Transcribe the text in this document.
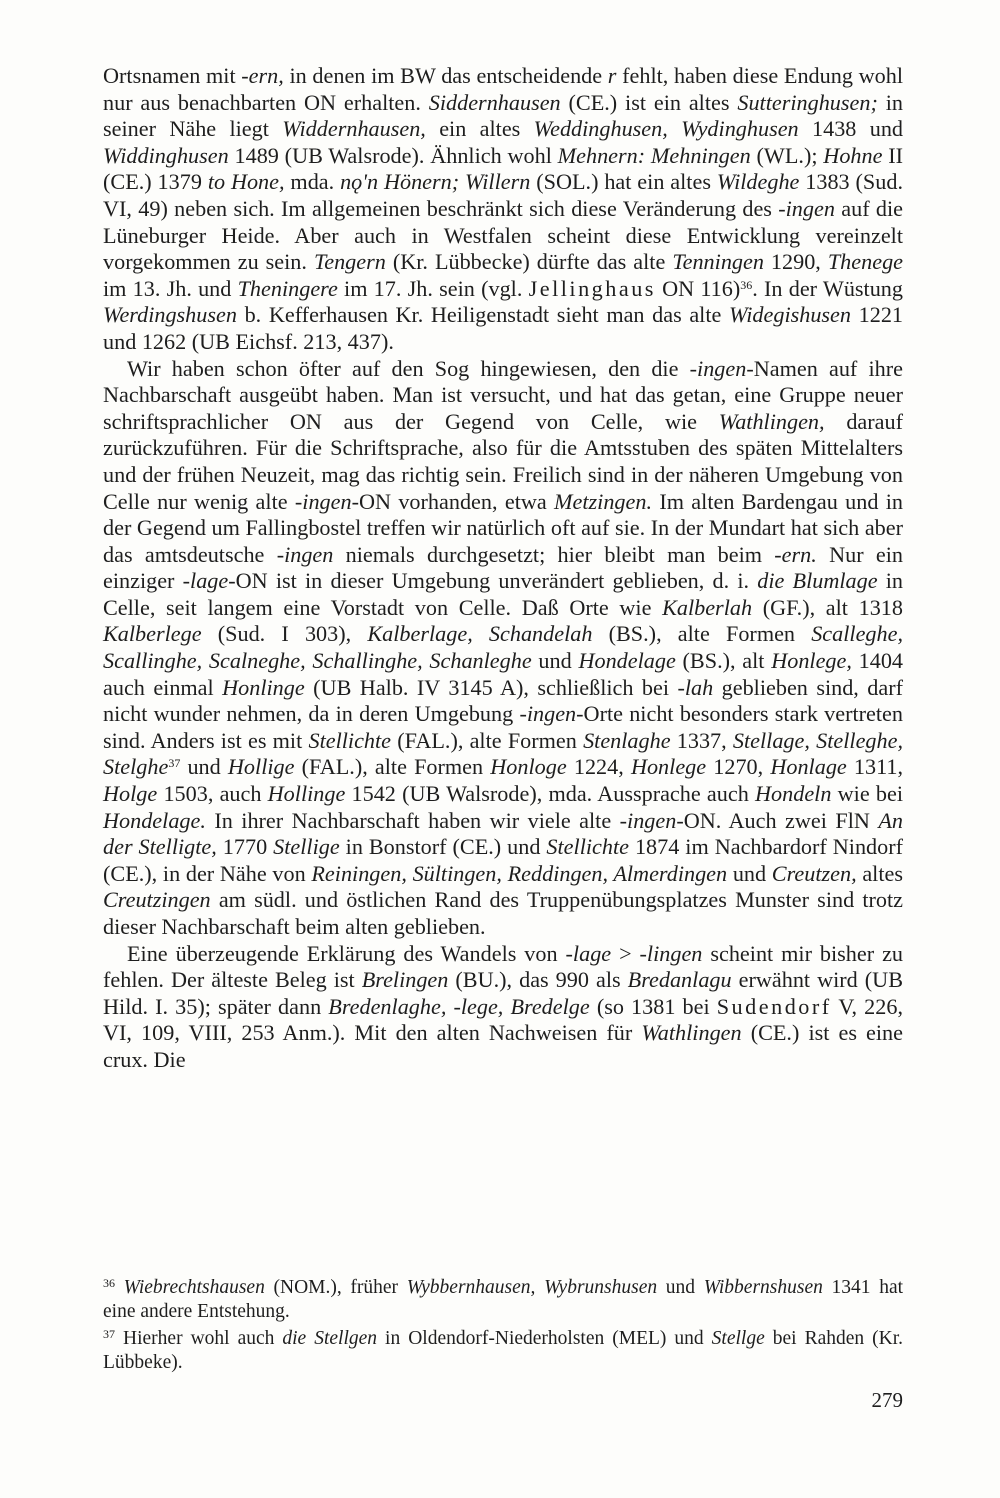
Ortsnamen mit -ern, in denen im BW das entscheidende r fehlt, haben diese Endung wohl nur aus benachbarten ON erhalten. Siddernhausen (CE.) ist ein altes Sutteringhusen; in seiner Nähe liegt Widdernhausen, ein altes Weddinghusen, Wydinghusen 1438 und Widdinghusen 1489 (UB Walsrode). Ähnlich wohl Mehnern: Mehningen (WL.); Hohne II (CE.) 1379 to Hone, mda. nǫ'n Hönern; Willern (SOL.) hat ein altes Wildeghe 1383 (Sud. VI, 49) neben sich. Im allgemeinen beschränkt sich diese Veränderung des -ingen auf die Lüneburger Heide. Aber auch in Westfalen scheint diese Entwicklung vereinzelt vorgekommen zu sein. Tengern (Kr. Lübbecke) dürfte das alte Tenningen 1290, Thenege im 13. Jh. und Theningere im 17. Jh. sein (vgl. Jellinghaus ON 116)$^{36}$. In der Wüstung Werdingshusen b. Kefferhausen Kr. Heiligenstadt sieht man das alte Widegishusen 1221 und 1262 (UB Eichsf. 213, 437).

Wir haben schon öfter auf den Sog hingewiesen, den die -ingen-Namen auf ihre Nachbarschaft ausgeübt haben. Man ist versucht, und hat das getan, eine Gruppe neuer schriftsprachlicher ON aus der Gegend von Celle, wie Wathlingen, darauf zurückzuführen. Für die Schriftsprache, also für die Amtsstuben des späten Mittelalters und der frühen Neuzeit, mag das richtig sein. Freilich sind in der näheren Umgebung von Celle nur wenig alte -ingen-ON vorhanden, etwa Metzingen. Im alten Bardengau und in der Gegend um Fallingbostel treffen wir natürlich oft auf sie. In der Mundart hat sich aber das amtsdeutsche -ingen niemals durchgesetzt; hier bleibt man beim -ern. Nur ein einziger -lage-ON ist in dieser Umgebung unverändert geblieben, d. i. die Blumlage in Celle, seit langem eine Vorstadt von Celle. Daß Orte wie Kalberlah (GF.), alt 1318 Kalberlege (Sud. I 303), Kalberlage, Schandelah (BS.), alte Formen Scalleghe, Scallinghe, Scalneghe, Schallinghe, Schanleghe und Hondelage (BS.), alt Honlege, 1404 auch einmal Honlinge (UB Halb. IV 3145 A), schließlich bei -lah geblieben sind, darf nicht wunder nehmen, da in deren Umgebung -ingen-Orte nicht besonders stark vertreten sind. Anders ist es mit Stellichte (FAL.), alte Formen Stenlaghe 1337, Stellage, Stelleghe, Stelghe$^{37}$ und Hollige (FAL.), alte Formen Honloge 1224, Honlege 1270, Honlage 1311, Holge 1503, auch Hollinge 1542 (UB Walsrode), mda. Aussprache auch Hondeln wie bei Hondelage. In ihrer Nachbarschaft haben wir viele alte -ingen-ON. Auch zwei FlN An der Stelligte, 1770 Stellige in Bonstorf (CE.) und Stellichte 1874 im Nachbardorf Nindorf (CE.), in der Nähe von Reiningen, Sültingen, Reddingen, Almerdingen und Creutzen, altes Creutzingen am südl. und östlichen Rand des Truppenübungsplatzes Munster sind trotz dieser Nachbarschaft beim alten geblieben.

Eine überzeugende Erklärung des Wandels von -lage > -lingen scheint mir bisher zu fehlen. Der älteste Beleg ist Brelingen (BU.), das 990 als Bredanlagu erwähnt wird (UB Hild. I. 35); später dann Bredenlaghe, -lege, Bredelge (so 1381 bei Sudendorf V, 226, VI, 109, VIII, 253 Anm.). Mit den alten Nachweisen für Wathlingen (CE.) ist es eine crux. Die

$^{36}$ Wiebrechtshausen (NOM.), früher Wybbernhausen, Wybrunshusen und Wibbernshusen 1341 hat eine andere Entstehung.

$^{37}$ Hierher wohl auch die Stellgen in Oldendorf-Niederholsten (MEL) und Stellge bei Rahden (Kr. Lübbeke).

279
